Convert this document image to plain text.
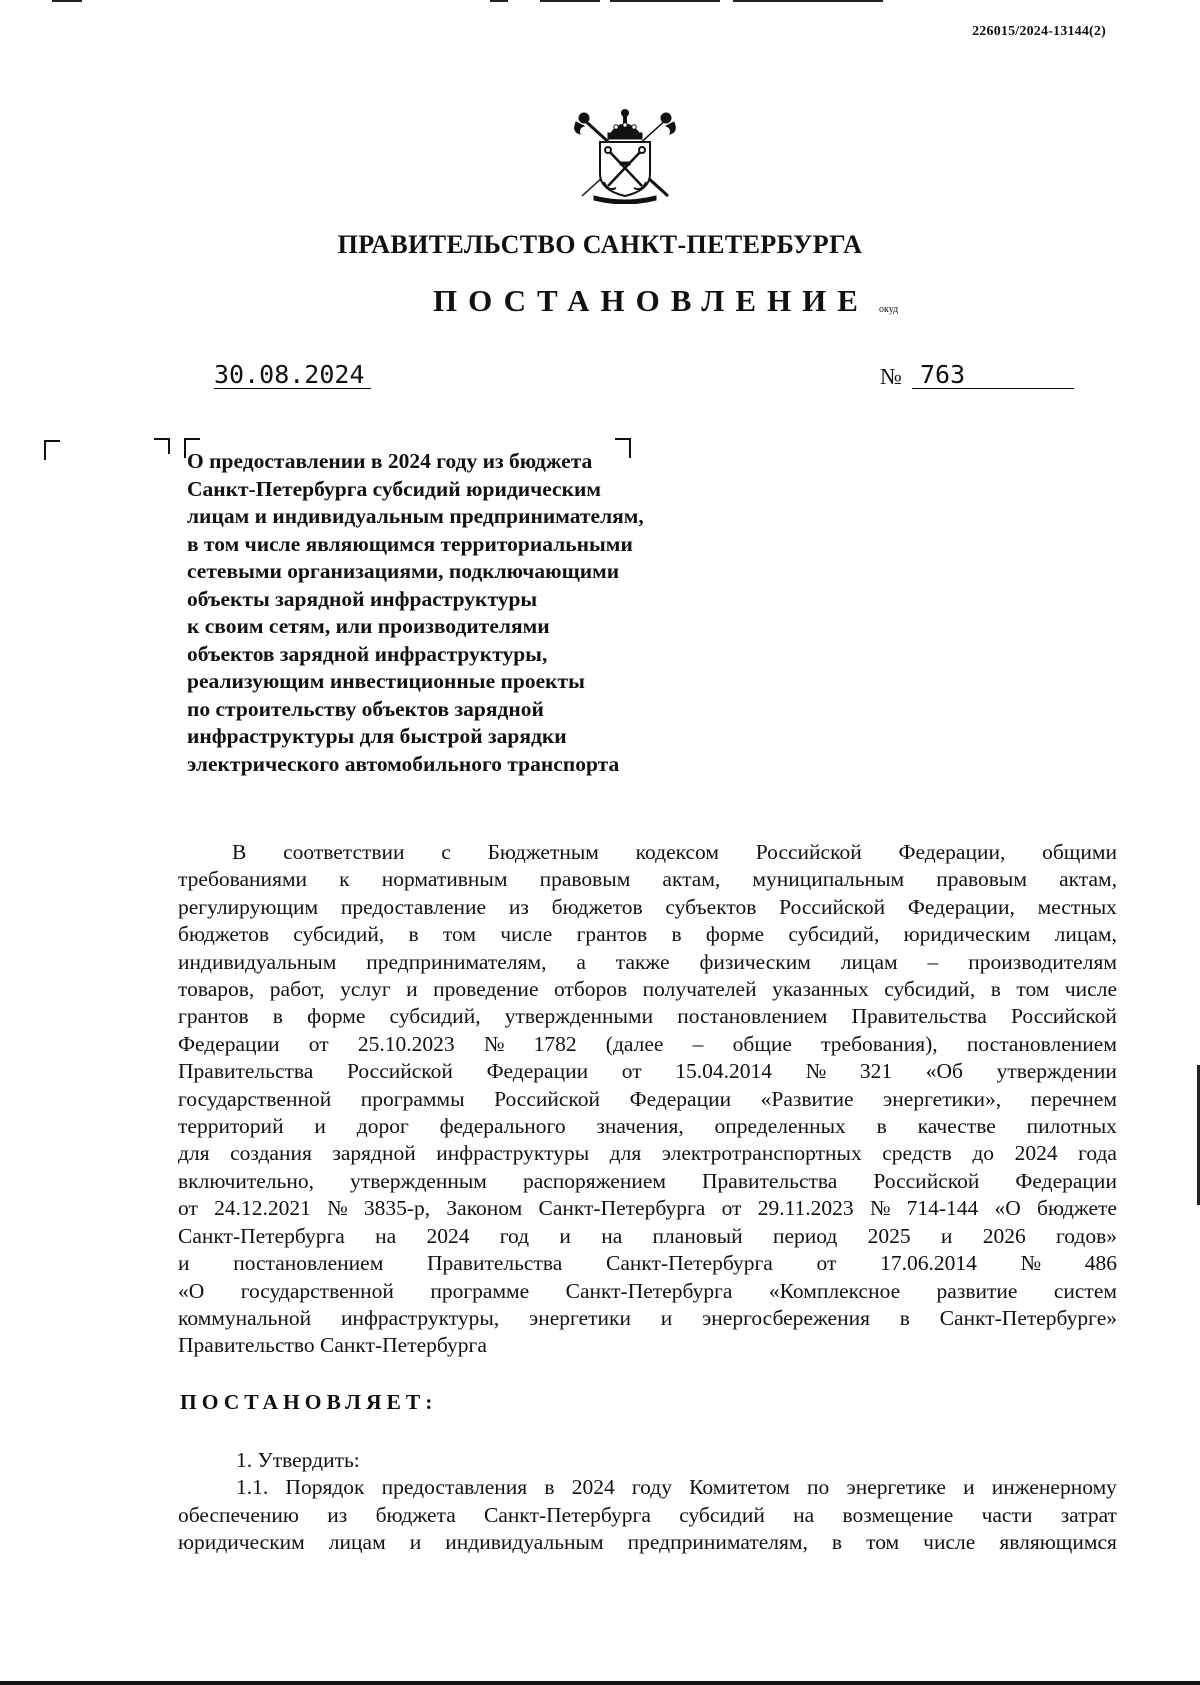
226015/2024-13144(2)
ПРАВИТЕЛЬСТВО САНКТ-ПЕТЕРБУРГА
ПОСТАНОВЛЕНИЕ окуд
30.08.2024	№ 763
О предоставлении в 2024 году из бюджета
Санкт-Петербурга субсидий юридическим
лицам и индивидуальным предпринимателям,
в том числе являющимся территориальными
сетевыми организациями, подключающими
объекты зарядной инфраструктуры
к своим сетям, или производителями
объектов зарядной инфраструктуры,
реализующим инвестиционные проекты
по строительству объектов зарядной
инфраструктуры для быстрой зарядки
электрического автомобильного транспорта
В соответствии с Бюджетным кодексом Российской Федерации, общими
требованиями к нормативным правовым актам, муниципальным правовым актам,
регулирующим предоставление из бюджетов субъектов Российской Федерации, местных
бюджетов субсидий, в том числе грантов в форме субсидий, юридическим лицам,
индивидуальным предпринимателям, а также физическим лицам – производителям
товаров, работ, услуг и проведение отборов получателей указанных субсидий, в том числе
грантов в форме субсидий, утвержденными постановлением Правительства Российской
Федерации от 25.10.2023 № 1782 (далее – общие требования), постановлением
Правительства Российской Федерации от 15.04.2014 № 321 «Об утверждении
государственной программы Российской Федерации «Развитие энергетики», перечнем
территорий и дорог федерального значения, определенных в качестве пилотных
для создания зарядной инфраструктуры для электротранспортных средств до 2024 года
включительно, утвержденным распоряжением Правительства Российской Федерации
от 24.12.2021 № 3835-р, Законом Санкт-Петербурга от 29.11.2023 № 714-144 «О бюджете
Санкт-Петербурга на 2024 год и на плановый период 2025 и 2026 годов»
и постановлением Правительства Санкт-Петербурга от 17.06.2014 № 486
«О государственной программе Санкт-Петербурга «Комплексное развитие систем
коммунальной инфраструктуры, энергетики и энергосбережения в Санкт-Петербурге»
Правительство Санкт-Петербурга
ПОСТАНОВЛЯЕТ:
1. Утвердить:
1.1. Порядок предоставления в 2024 году Комитетом по энергетике и инженерному
обеспечению из бюджета Санкт-Петербурга субсидий на возмещение части затрат
юридическим лицам и индивидуальным предпринимателям, в том числе являющимся
